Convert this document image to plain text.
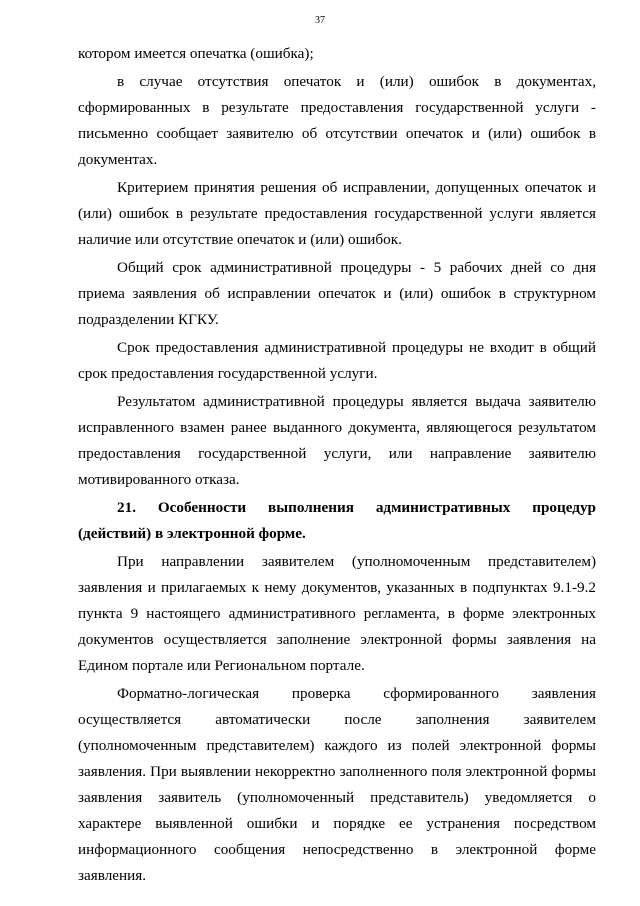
37

котором имеется опечатка (ошибка);

в случае отсутствия опечаток и (или) ошибок в документах, сформированных в результате предоставления государственной услуги - письменно сообщает заявителю об отсутствии опечаток и (или) ошибок в документах.

Критерием принятия решения об исправлении, допущенных опечаток и (или) ошибок в результате предоставления государственной услуги является наличие или отсутствие опечаток и (или) ошибок.

Общий срок административной процедуры - 5 рабочих дней со дня приема заявления об исправлении опечаток и (или) ошибок в структурном подразделении КГКУ.

Срок предоставления административной процедуры не входит в общий срок предоставления государственной услуги.

Результатом административной процедуры является выдача заявителю исправленного взамен ранее выданного документа, являющегося результатом предоставления государственной услуги, или направление заявителю мотивированного отказа.

21. Особенности выполнения административных процедур (действий) в электронной форме.

При направлении заявителем (уполномоченным представителем) заявления и прилагаемых к нему документов, указанных в подпунктах 9.1-9.2 пункта 9 настоящего административного регламента, в форме электронных документов осуществляется заполнение электронной формы заявления на Едином портале или Региональном портале.

Форматно-логическая проверка сформированного заявления осуществляется автоматически после заполнения заявителем (уполномоченным представителем) каждого из полей электронной формы заявления. При выявлении некорректно заполненного поля электронной формы заявления заявитель (уполномоченный представитель) уведомляется о характере выявленной ошибки и порядке ее устранения посредством информационного сообщения непосредственно в электронной форме заявления.
